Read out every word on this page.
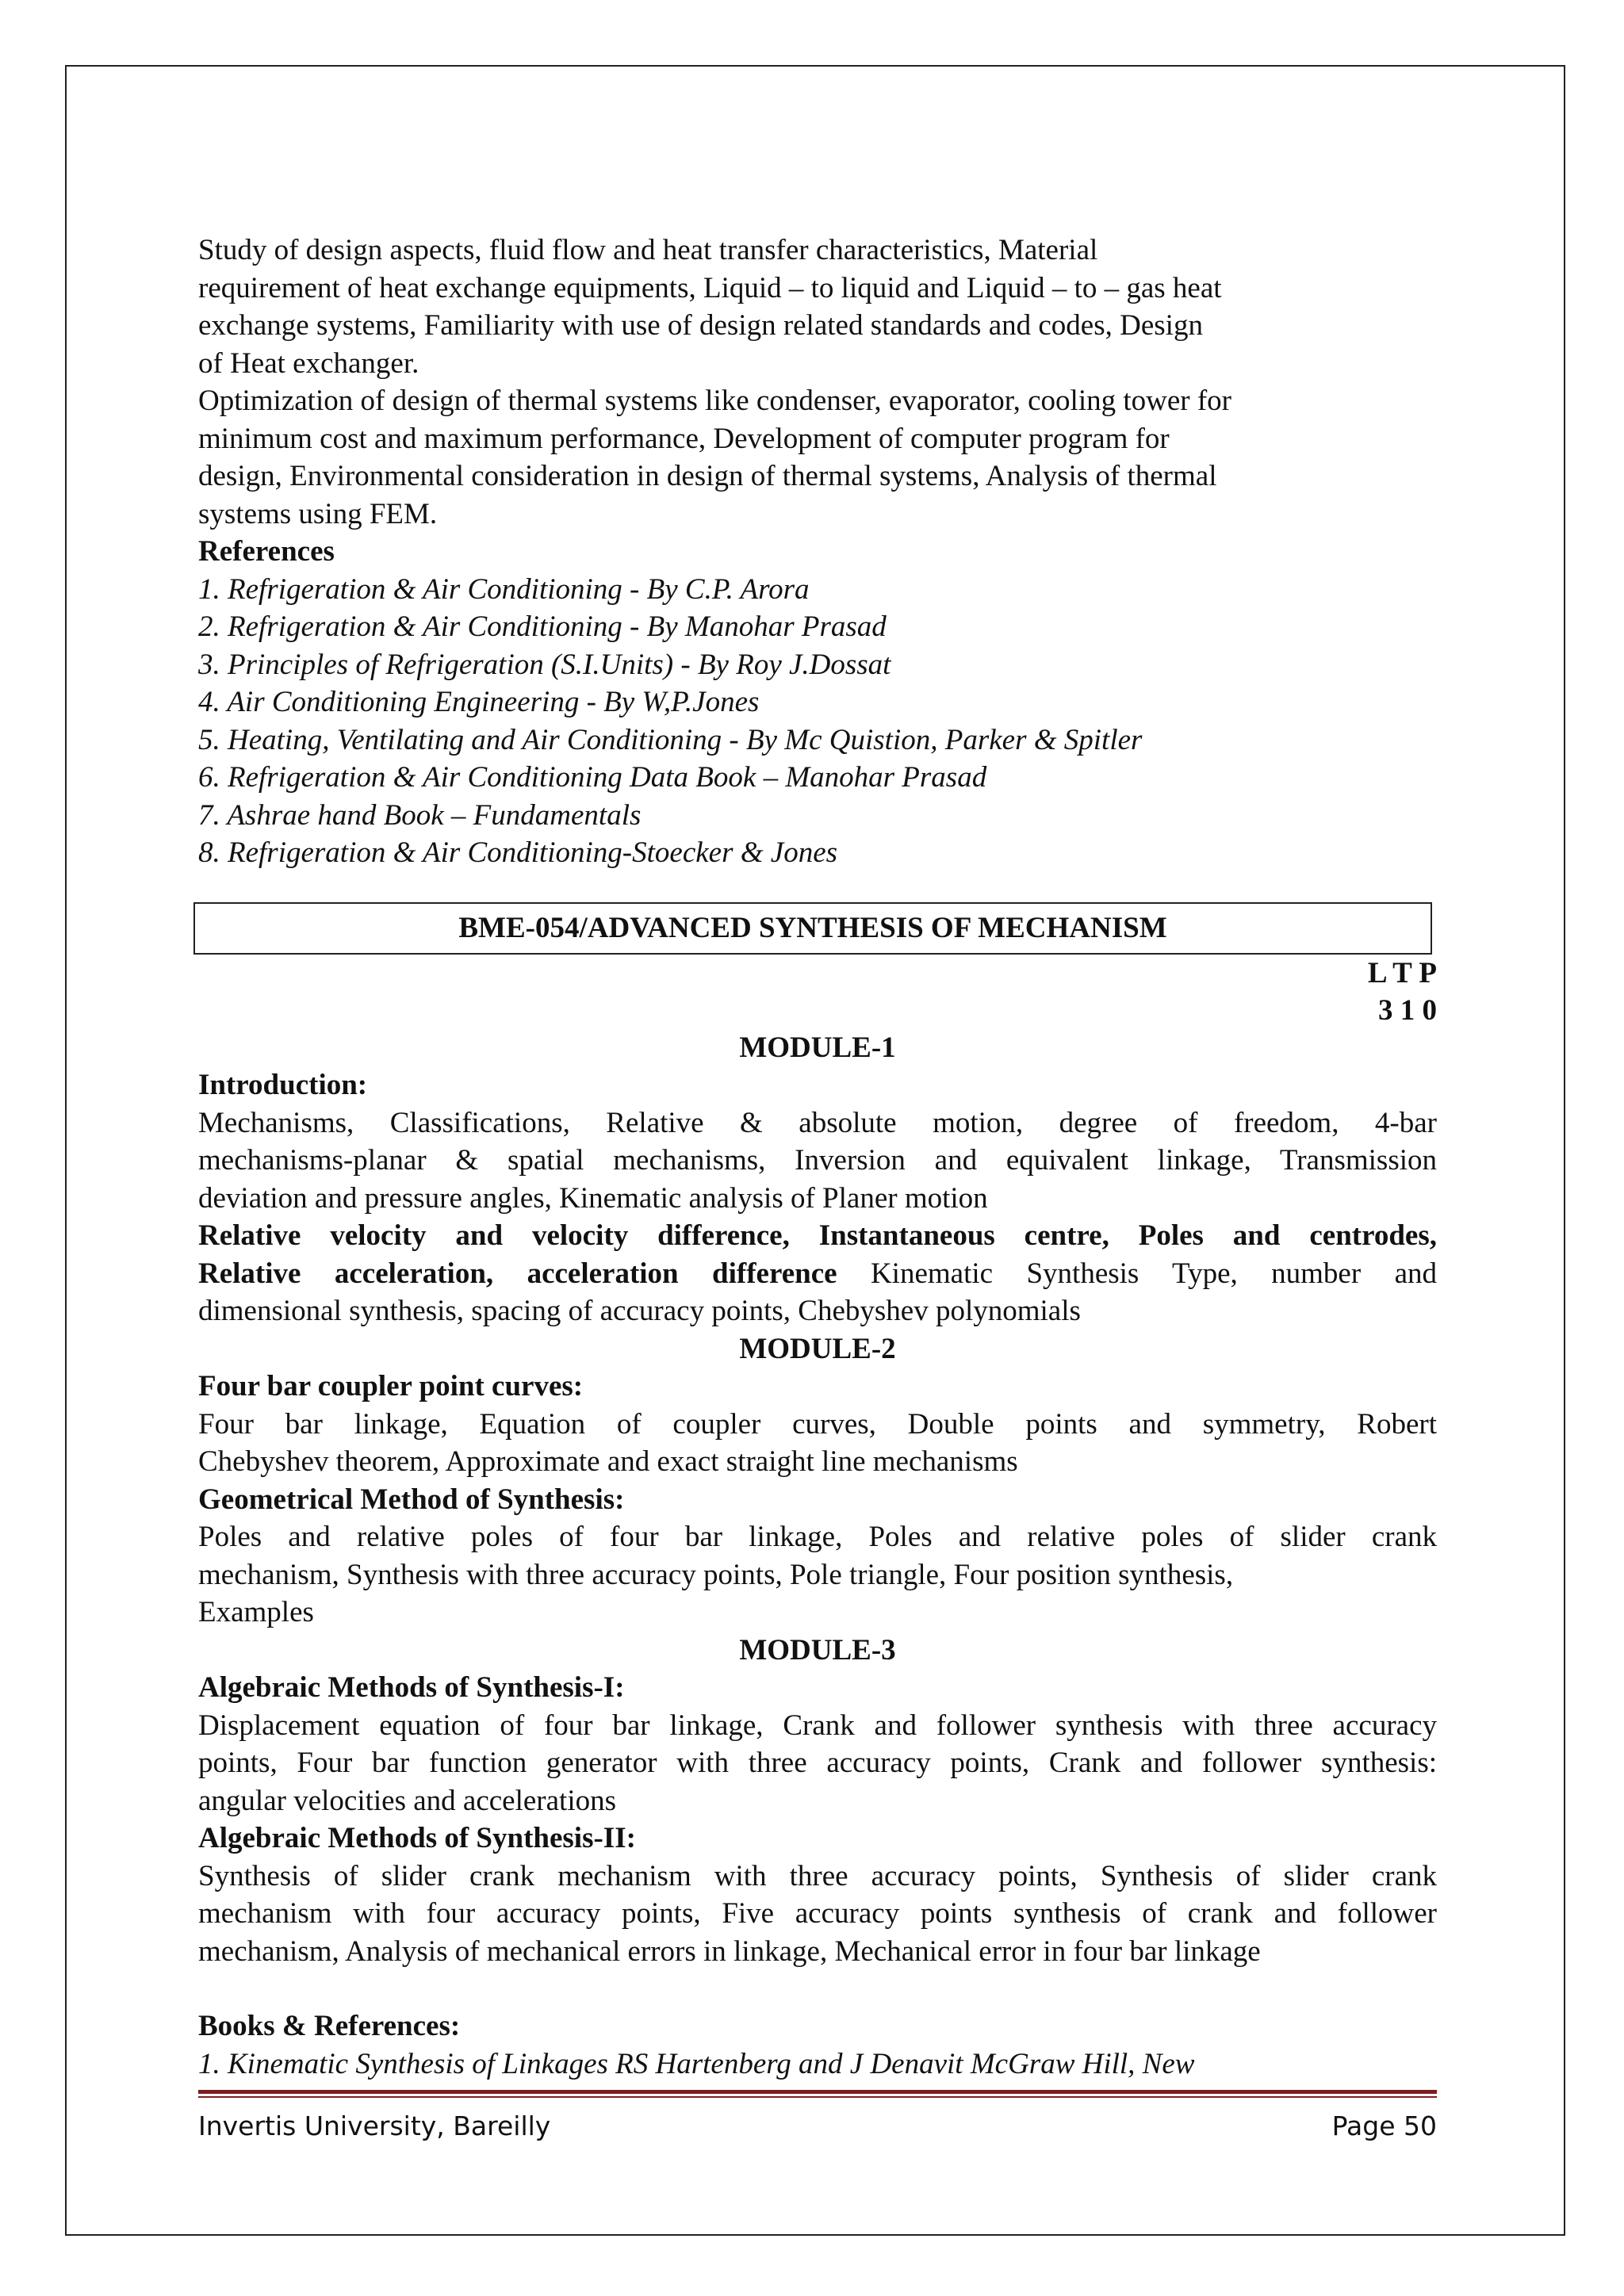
Study of design aspects, fluid flow and heat transfer characteristics, Material
requirement of heat exchange equipments, Liquid – to liquid and Liquid – to – gas heat
exchange systems, Familiarity with use of design related standards and codes, Design
of Heat exchanger.
Optimization of design of thermal systems like condenser, evaporator, cooling tower for
minimum cost and maximum performance, Development of computer program for
design, Environmental consideration in design of thermal systems, Analysis of thermal
systems using FEM.
References
1. Refrigeration & Air Conditioning - By C.P. Arora
2. Refrigeration & Air Conditioning - By Manohar Prasad
3. Principles of Refrigeration (S.I.Units) - By Roy J.Dossat
4. Air Conditioning Engineering - By W,P.Jones
5. Heating, Ventilating and Air Conditioning - By Mc Quistion, Parker & Spitler
6. Refrigeration & Air Conditioning Data Book – Manohar Prasad
7. Ashrae hand Book – Fundamentals
8. Refrigeration & Air Conditioning-Stoecker & Jones
BME-054/ADVANCED SYNTHESIS OF MECHANISM
L T P
3 1 0
MODULE-1
Introduction:
Mechanisms, Classifications, Relative & absolute motion, degree of freedom, 4-bar
mechanisms-planar & spatial mechanisms, Inversion and equivalent linkage, Transmission
deviation and pressure angles, Kinematic analysis of Planer motion
Relative velocity and velocity difference, Instantaneous centre, Poles and centrodes,
Relative acceleration, acceleration difference Kinematic Synthesis Type, number and
dimensional synthesis, spacing of accuracy points, Chebyshev polynomials
MODULE-2
Four bar coupler point curves:
Four bar linkage, Equation of coupler curves, Double points and symmetry, Robert
Chebyshev theorem, Approximate and exact straight line mechanisms
Geometrical Method of Synthesis:
Poles and relative poles of four bar linkage, Poles and relative poles of slider crank
mechanism, Synthesis with three accuracy points, Pole triangle, Four position synthesis,
Examples
MODULE-3
Algebraic Methods of Synthesis-I:
Displacement equation of four bar linkage, Crank and follower synthesis with three accuracy
points, Four bar function generator with three accuracy points, Crank and follower synthesis:
angular velocities and accelerations
Algebraic Methods of Synthesis-II:
Synthesis of slider crank mechanism with three accuracy points, Synthesis of slider crank
mechanism with four accuracy points, Five accuracy points synthesis of crank and follower
mechanism, Analysis of mechanical errors in linkage, Mechanical error in four bar linkage
Books & References:
1. Kinematic Synthesis of Linkages RS Hartenberg and J Denavit McGraw Hill, New
Invertis University, Bareilly	Page 50
